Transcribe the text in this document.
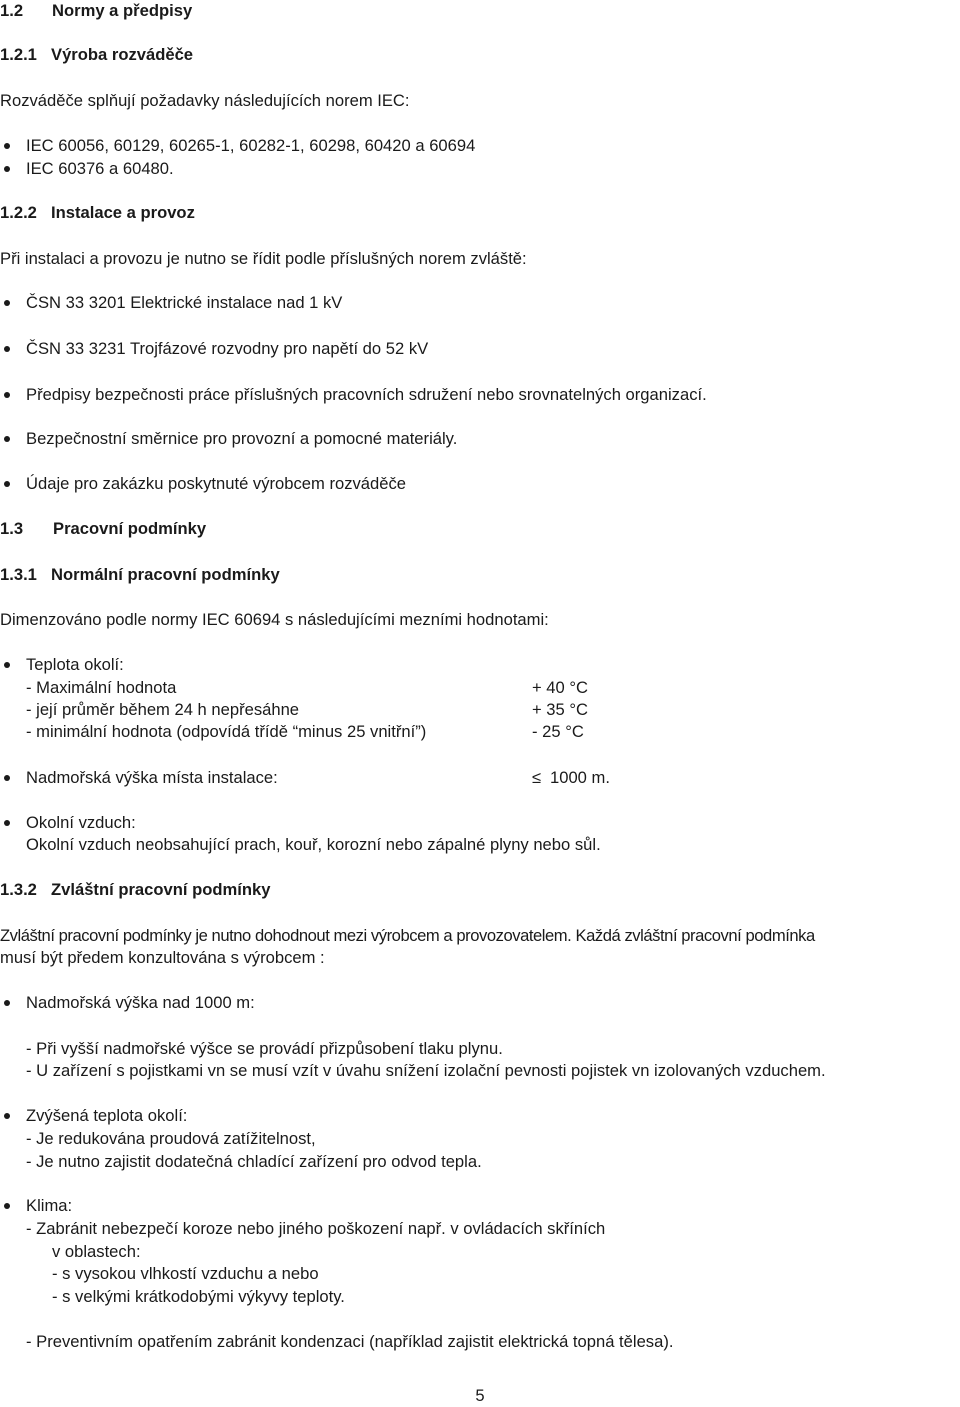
1.2 Normy a předpisy
1.2.1 Výroba rozváděče
Rozváděče splňují požadavky následujících norem IEC:
IEC 60056, 60129, 60265-1, 60282-1, 60298, 60420 a 60694
IEC 60376 a 60480.
1.2.2 Instalace a provoz
Při instalaci a provozu je nutno se řídit podle příslušných norem zvláště:
ČSN 33 3201 Elektrické instalace nad 1 kV
ČSN 33 3231 Trojfázové rozvodny pro napětí do 52 kV
Předpisy bezpečnosti práce příslušných pracovních sdružení nebo srovnatelných organizací.
Bezpečnostní směrnice pro provozní a pomocné materiály.
Údaje pro zakázku poskytnuté výrobcem rozváděče
1.3 Pracovní podmínky
1.3.1 Normální pracovní podmínky
Dimenzováno podle normy IEC 60694 s následujícími mezními hodnotami:
Teplota okolí:
- Maximální hodnota	+ 40 °C
- její průměr během 24 h nepřesáhne	+ 35 °C
- minimální hodnota (odpovídá třídě “minus 25 vnitřní”)	- 25 °C
Nadmořská výška místa instalace:	≤ 1000 m.
Okolní vzduch:
Okolní vzduch neobsahující prach, kouř, korozní nebo zápalné plyny nebo sůl.
1.3.2 Zvláštní pracovní podmínky
Zvláštní pracovní podmínky je nutno dohodnout mezi výrobcem a provozovatelem. Každá zvláštní pracovní podmínka
musí být předem konzultována s výrobcem :
Nadmořská výška nad 1000 m:
- Při vyšší nadmořské výšce se provádí přizpůsobení tlaku plynu.
- U zařízení s pojistkami vn se musí vzít v úvahu snížení izolační pevnosti pojistek vn izolovaných vzduchem.
Zvýšená teplota okolí:
- Je redukována proudová zatížitelnost,
- Je nutno zajistit dodatečná chladící zařízení pro odvod tepla.
Klima:
- Zabránit nebezpečí koroze nebo jiného poškození např. v ovládacích skříních
v oblastech:
- s vysokou vlhkostí vzduchu a nebo
- s velkými krátkodobými výkyvy teploty.
- Preventivním opatřením zabránit kondenzaci (například zajistit elektrická topná tělesa).
5
